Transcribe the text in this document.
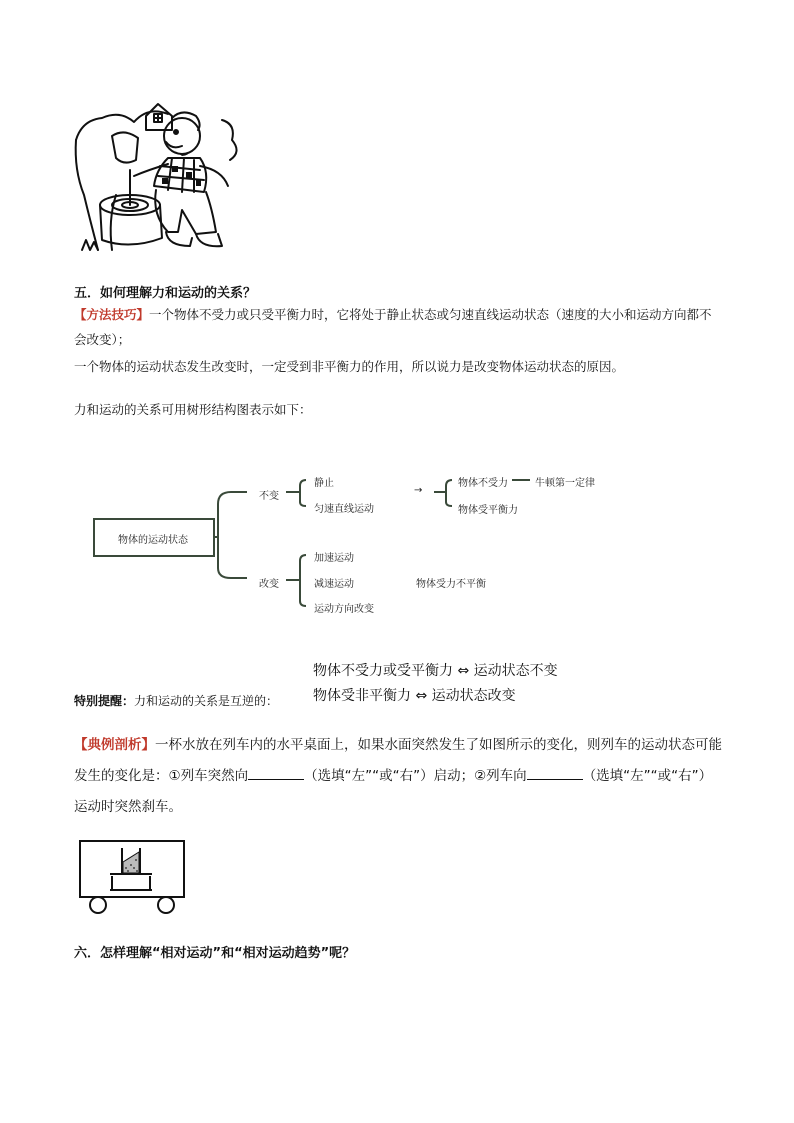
五．如何理解力和运动的关系？
【方法技巧】一个物体不受力或只受平衡力时，它将处于静止状态或匀速直线运动状态（速度的大小和运动方向都不会改变）；
一个物体的运动状态发生改变时，一定受到非平衡力的作用，所以说力是改变物体运动状态的原因。
力和运动的关系可用树形结构图表示如下：
物体的运动状态
不变
改变
静止
匀速直线运动
→
物体不受力	牛顿第一定律
物体受平衡力
加速运动
减速运动
运动方向改变
物体受力不平衡
物体不受力或受平衡力 ⇔ 运动状态不变
物体受非平衡力 ⇔ 运动状态改变
特别提醒：力和运动的关系是互逆的：
【典例剖析】一杯水放在列车内的水平桌面上，如果水面突然发生了如图所示的变化，则列车的运动状态可能发生的变化是：①列车突然向	（选填“左”“或“右”）启动；②列车向	（选填“左”“或“右”）运动时突然刹车。
六．怎样理解“相对运动”和“相对运动趋势”呢？
